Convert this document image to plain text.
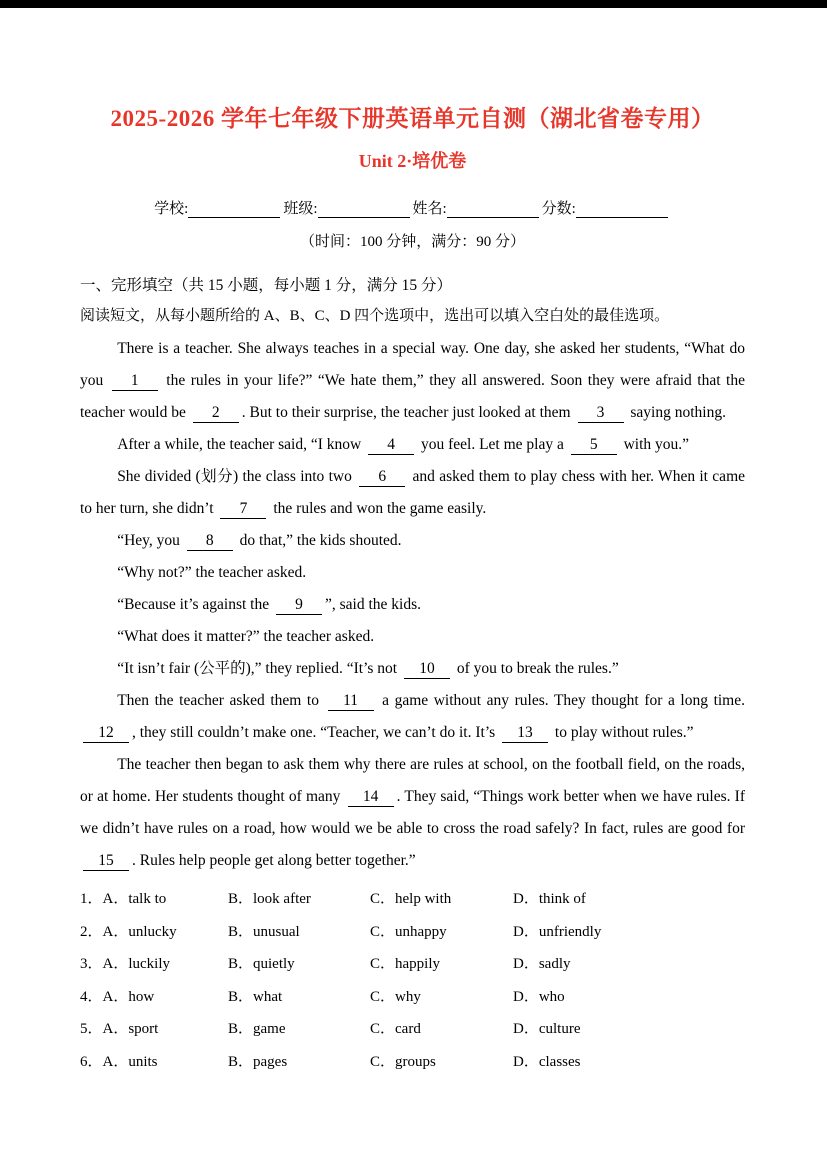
2025-2026 学年七年级下册英语单元自测（湖北省卷专用）
Unit 2·培优卷
学校:	班级:	姓名:	分数:
（时间：100 分钟，满分：90 分）
一、完形填空（共 15 小题，每小题 1 分，满分 15 分）
阅读短文，从每小题所给的 A、B、C、D 四个选项中，选出可以填入空白处的最佳选项。

There is a teacher. She always teaches in a special way. One day, she asked her students, “What do you 1 the rules in your life?” “We hate them,” they all answered. Soon they were afraid that the teacher would be 2 . But to their surprise, the teacher just looked at them 3 saying nothing.

After a while, the teacher said, “I know 4 you feel. Let me play a 5 with you.”

She divided (划分) the class into two 6 and asked them to play chess with her. When it came to her turn, she didn’t 7 the rules and won the game easily.

“Hey, you 8 do that,” the kids shouted.

“Why not?” the teacher asked.

“Because it’s against the 9 ”, said the kids.

“What does it matter?” the teacher asked.

“It isn’t fair (公平的),” they replied. “It’s not 10 of you to break the rules.”

Then the teacher asked them to 11 a game without any rules. They thought for a long time. 12 , they still couldn’t make one. “Teacher, we can’t do it. It’s 13 to play without rules.”

The teacher then began to ask them why there are rules at school, on the football field, on the roads, or at home. Her students thought of many 14 . They said, “Things work better when we have rules. If we didn’t have rules on a road, how would we be able to cross the road safely? In fact, rules are good for 15 . Rules help people get along better together.”

1．A．talk to	B．look after	C．help with	D．think of
2．A．unlucky	B．unusual	C．unhappy	D．unfriendly
3．A．luckily	B．quietly	C．happily	D．sadly
4．A．how	B．what	C．why	D．who
5．A．sport	B．game	C．card	D．culture
6．A．units	B．pages	C．groups	D．classes
